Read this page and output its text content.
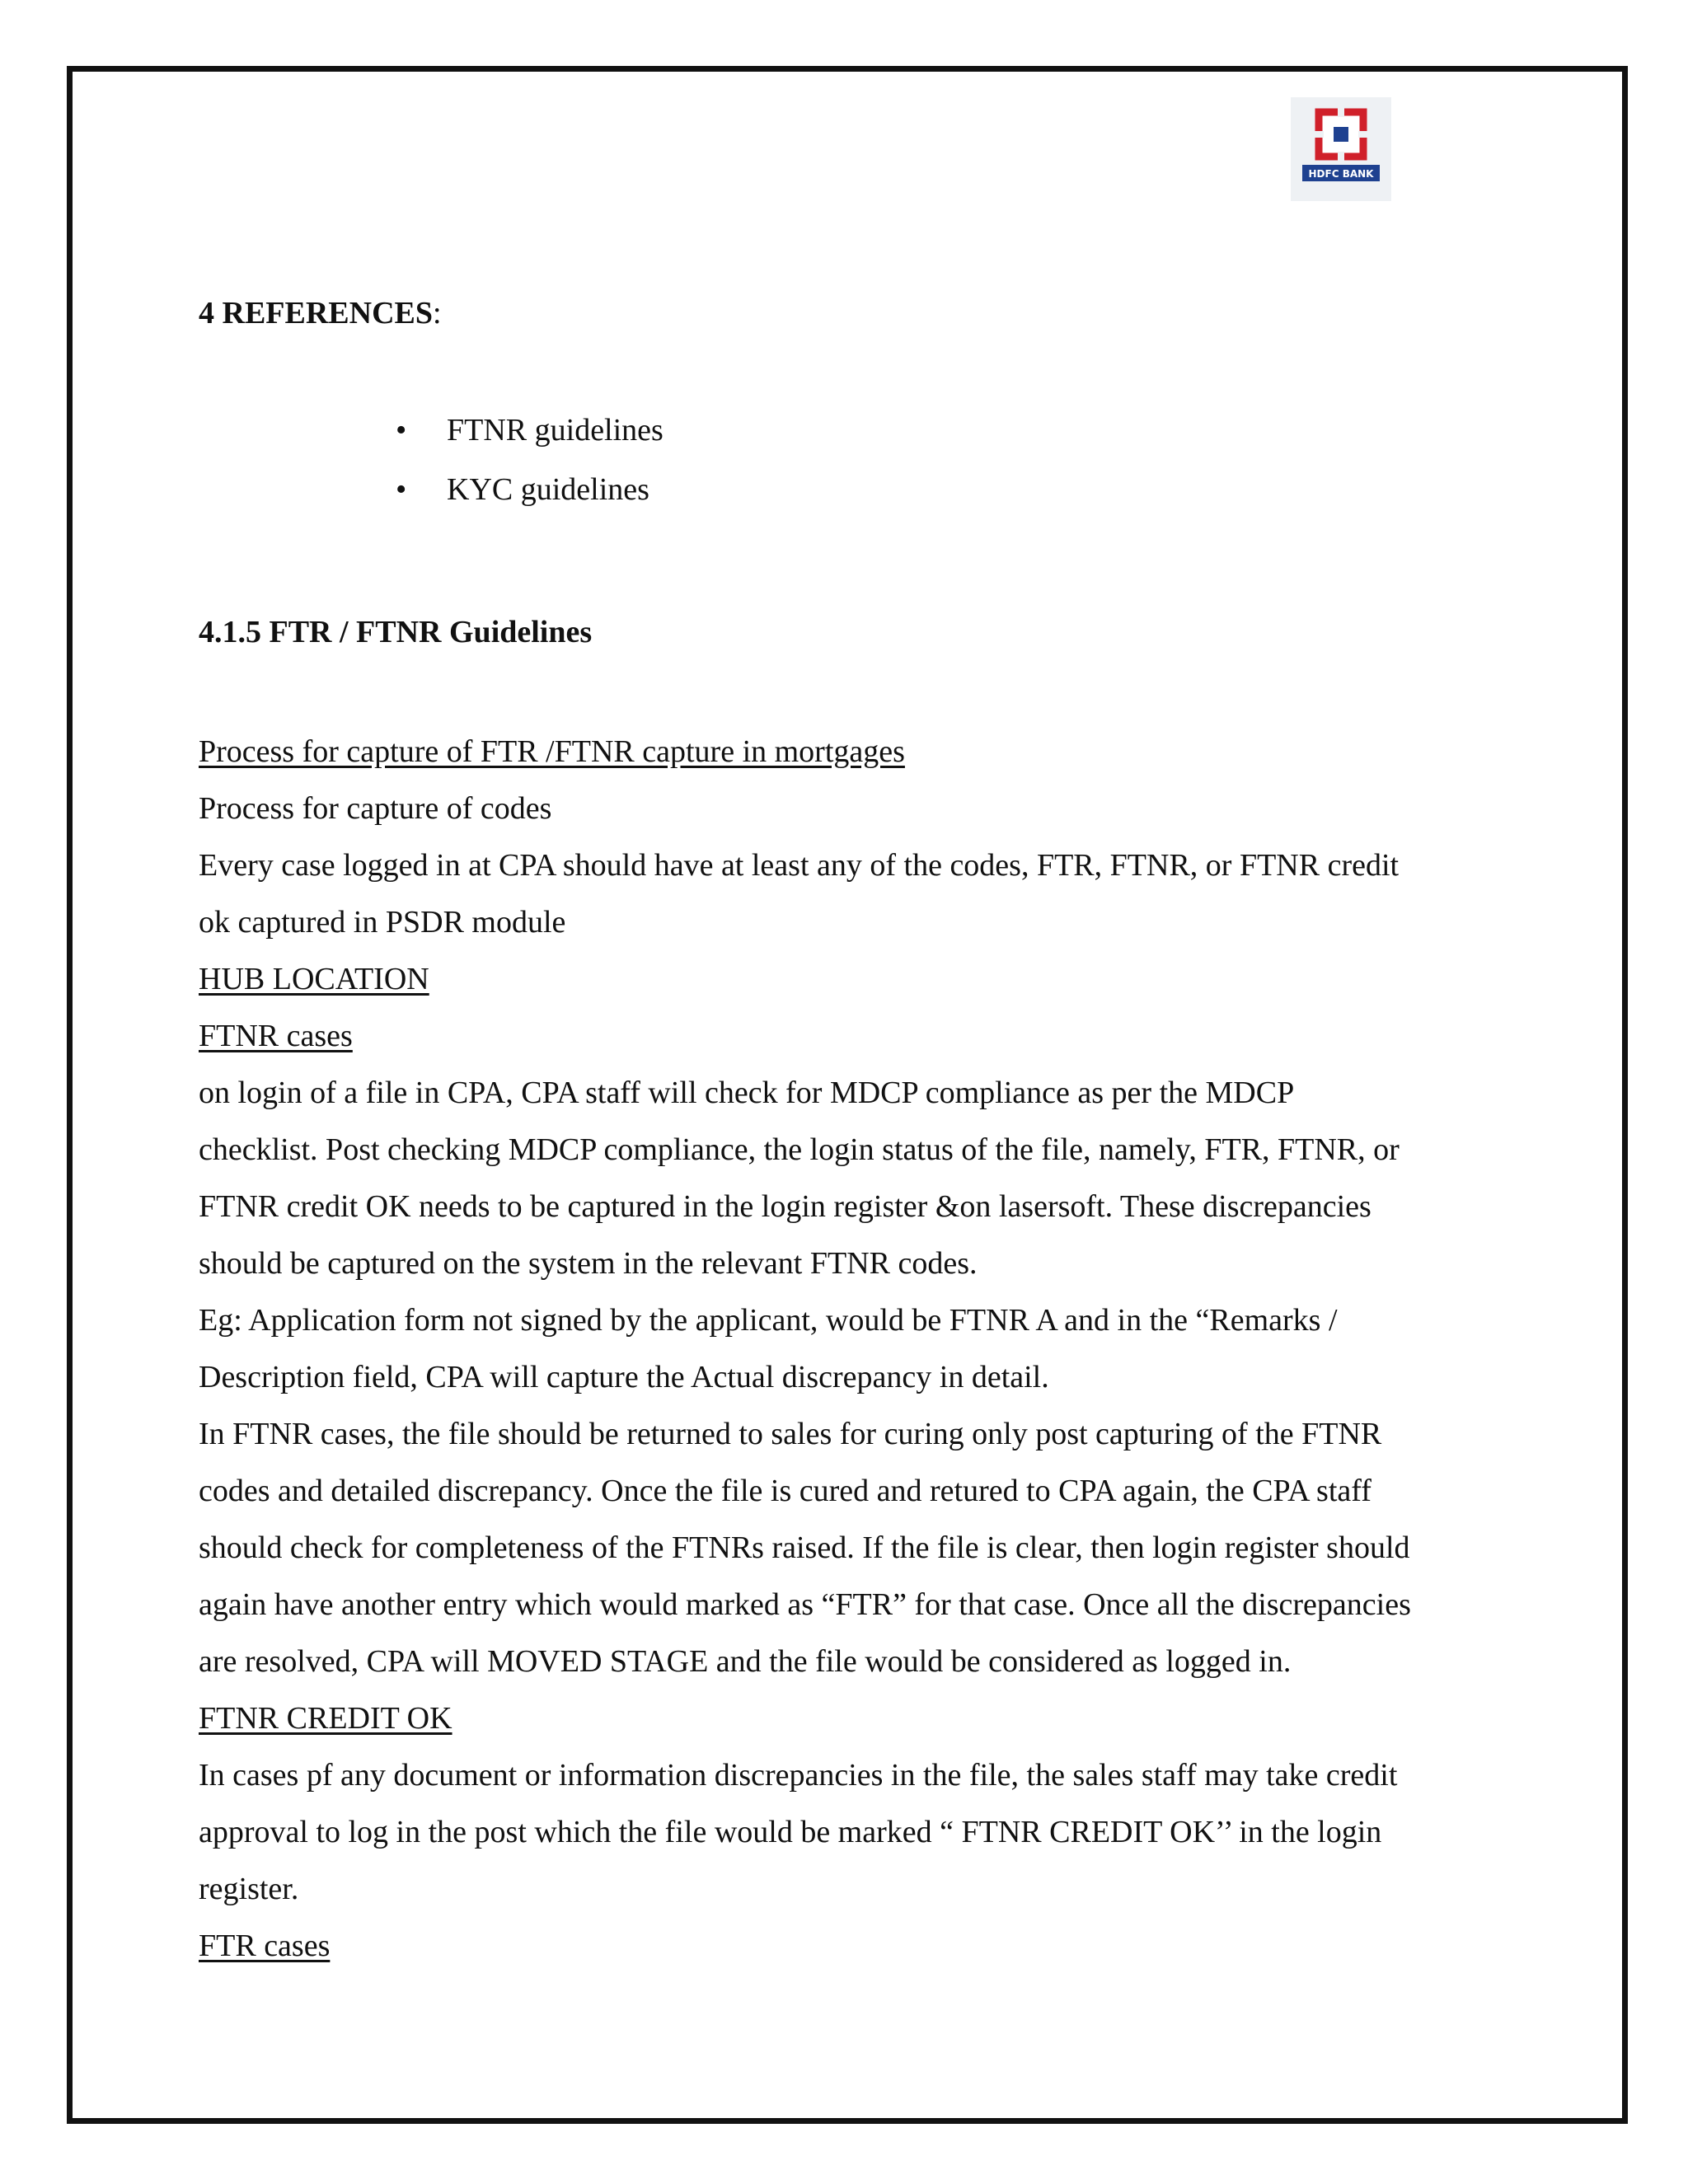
HDFC BANK
4 REFERENCES:
• FTNR guidelines
• KYC guidelines
4.1.5 FTR / FTNR Guidelines
Process for capture of FTR /FTNR capture in mortgages
Process for capture of codes
Every case logged in at CPA should have at least any of the codes, FTR, FTNR, or FTNR credit
ok captured in PSDR module
HUB LOCATION
FTNR cases
on login of a file in CPA, CPA staff will check for MDCP compliance as per the MDCP
checklist. Post checking MDCP compliance, the login status of the file, namely, FTR, FTNR, or
FTNR credit OK needs to be captured in the login register &on lasersoft. These discrepancies
should be captured on the system in the relevant FTNR codes.
Eg: Application form not signed by the applicant, would be FTNR A and in the “Remarks /
Description field, CPA will capture the Actual discrepancy in detail.
In FTNR cases, the file should be returned to sales for curing only post capturing of the FTNR
codes and detailed discrepancy. Once the file is cured and retured to CPA again, the CPA staff
should check for completeness of the FTNRs raised. If the file is clear, then login register should
again have another entry which would marked as “FTR” for that case. Once all the discrepancies
are resolved, CPA will MOVED STAGE and the file would be considered as logged in.
FTNR CREDIT OK
In cases pf any document or information discrepancies in the file, the sales staff may take credit
approval to log in the post which the file would be marked “ FTNR CREDIT OK’’ in the login
register.
FTR cases
